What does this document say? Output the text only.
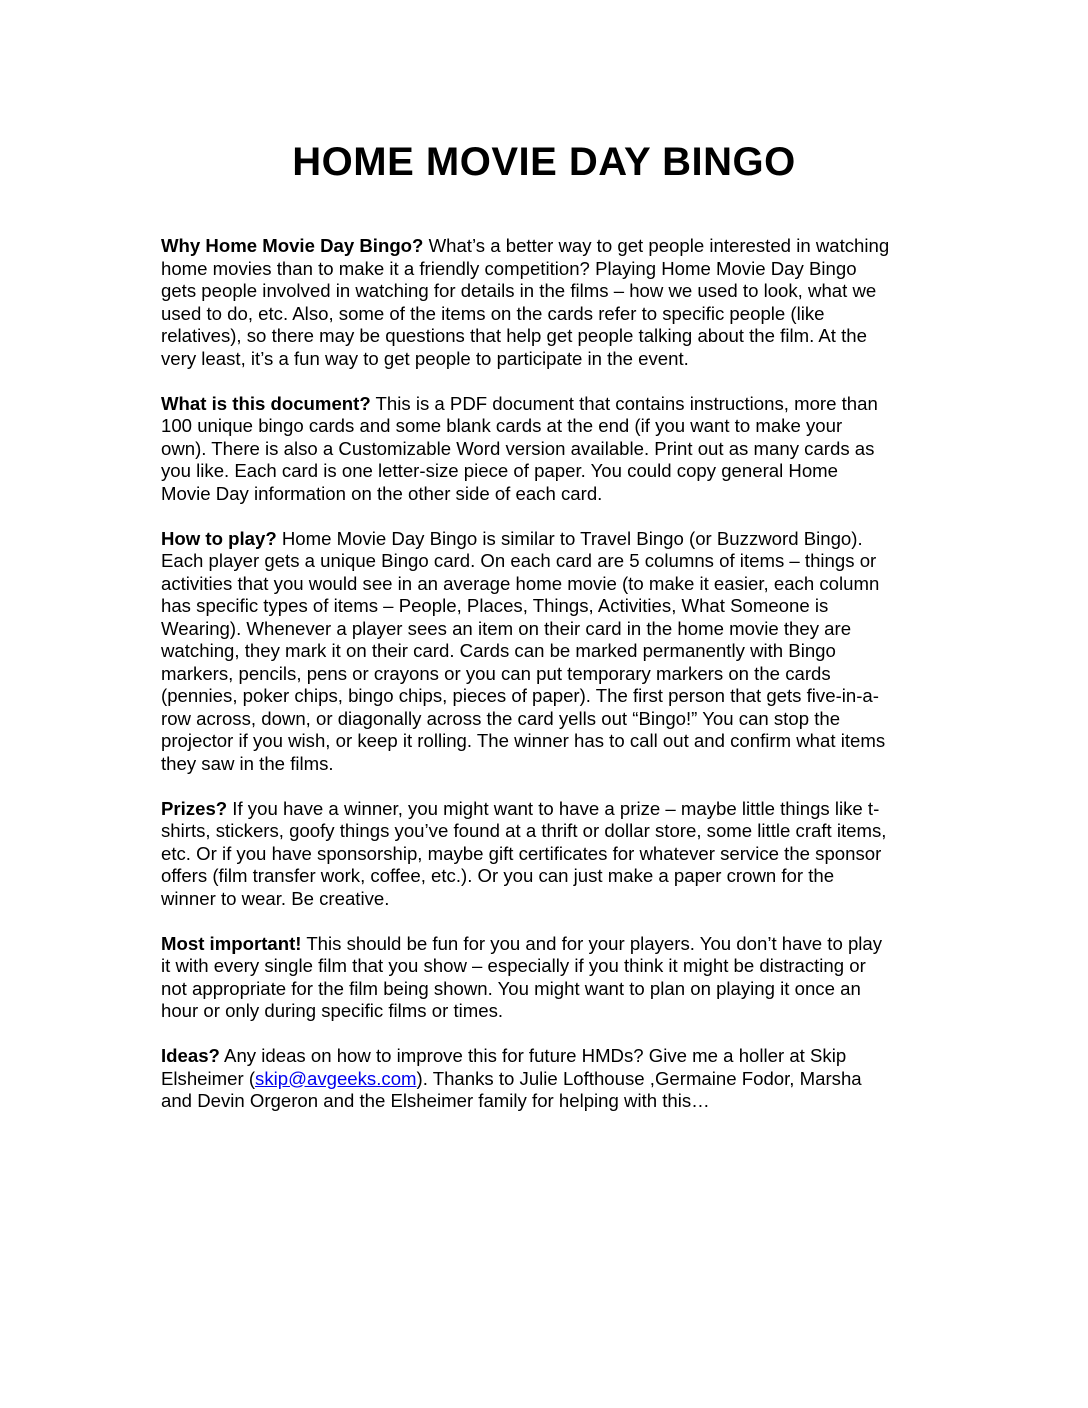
HOME MOVIE DAY BINGO

Why Home Movie Day Bingo? What’s a better way to get people interested in watching
home movies than to make it a friendly competition? Playing Home Movie Day Bingo
gets people involved in watching for details in the films – how we used to look, what we
used to do, etc. Also, some of the items on the cards refer to specific people (like
relatives), so there may be questions that help get people talking about the film. At the
very least, it’s a fun way to get people to participate in the event.

What is this document? This is a PDF document that contains instructions, more than
100 unique bingo cards and some blank cards at the end (if you want to make your
own). There is also a Customizable Word version available. Print out as many cards as
you like. Each card is one letter-size piece of paper. You could copy general Home
Movie Day information on the other side of each card.

How to play? Home Movie Day Bingo is similar to Travel Bingo (or Buzzword Bingo).
Each player gets a unique Bingo card. On each card are 5 columns of items – things or
activities that you would see in an average home movie (to make it easier, each column
has specific types of items – People, Places, Things, Activities, What Someone is
Wearing). Whenever a player sees an item on their card in the home movie they are
watching, they mark it on their card. Cards can be marked permanently with Bingo
markers, pencils, pens or crayons or you can put temporary markers on the cards
(pennies, poker chips, bingo chips, pieces of paper). The first person that gets five-in-a-
row across, down, or diagonally across the card yells out “Bingo!” You can stop the
projector if you wish, or keep it rolling. The winner has to call out and confirm what items
they saw in the films.

Prizes? If you have a winner, you might want to have a prize – maybe little things like t-
shirts, stickers, goofy things you’ve found at a thrift or dollar store, some little craft items,
etc. Or if you have sponsorship, maybe gift certificates for whatever service the sponsor
offers (film transfer work, coffee, etc.). Or you can just make a paper crown for the
winner to wear. Be creative.

Most important! This should be fun for you and for your players. You don’t have to play
it with every single film that you show – especially if you think it might be distracting or
not appropriate for the film being shown. You might want to plan on playing it once an
hour or only during specific films or times.

Ideas? Any ideas on how to improve this for future HMDs? Give me a holler at Skip
Elsheimer (skip@avgeeks.com). Thanks to Julie Lofthouse ,Germaine Fodor, Marsha
and Devin Orgeron and the Elsheimer family for helping with this…
